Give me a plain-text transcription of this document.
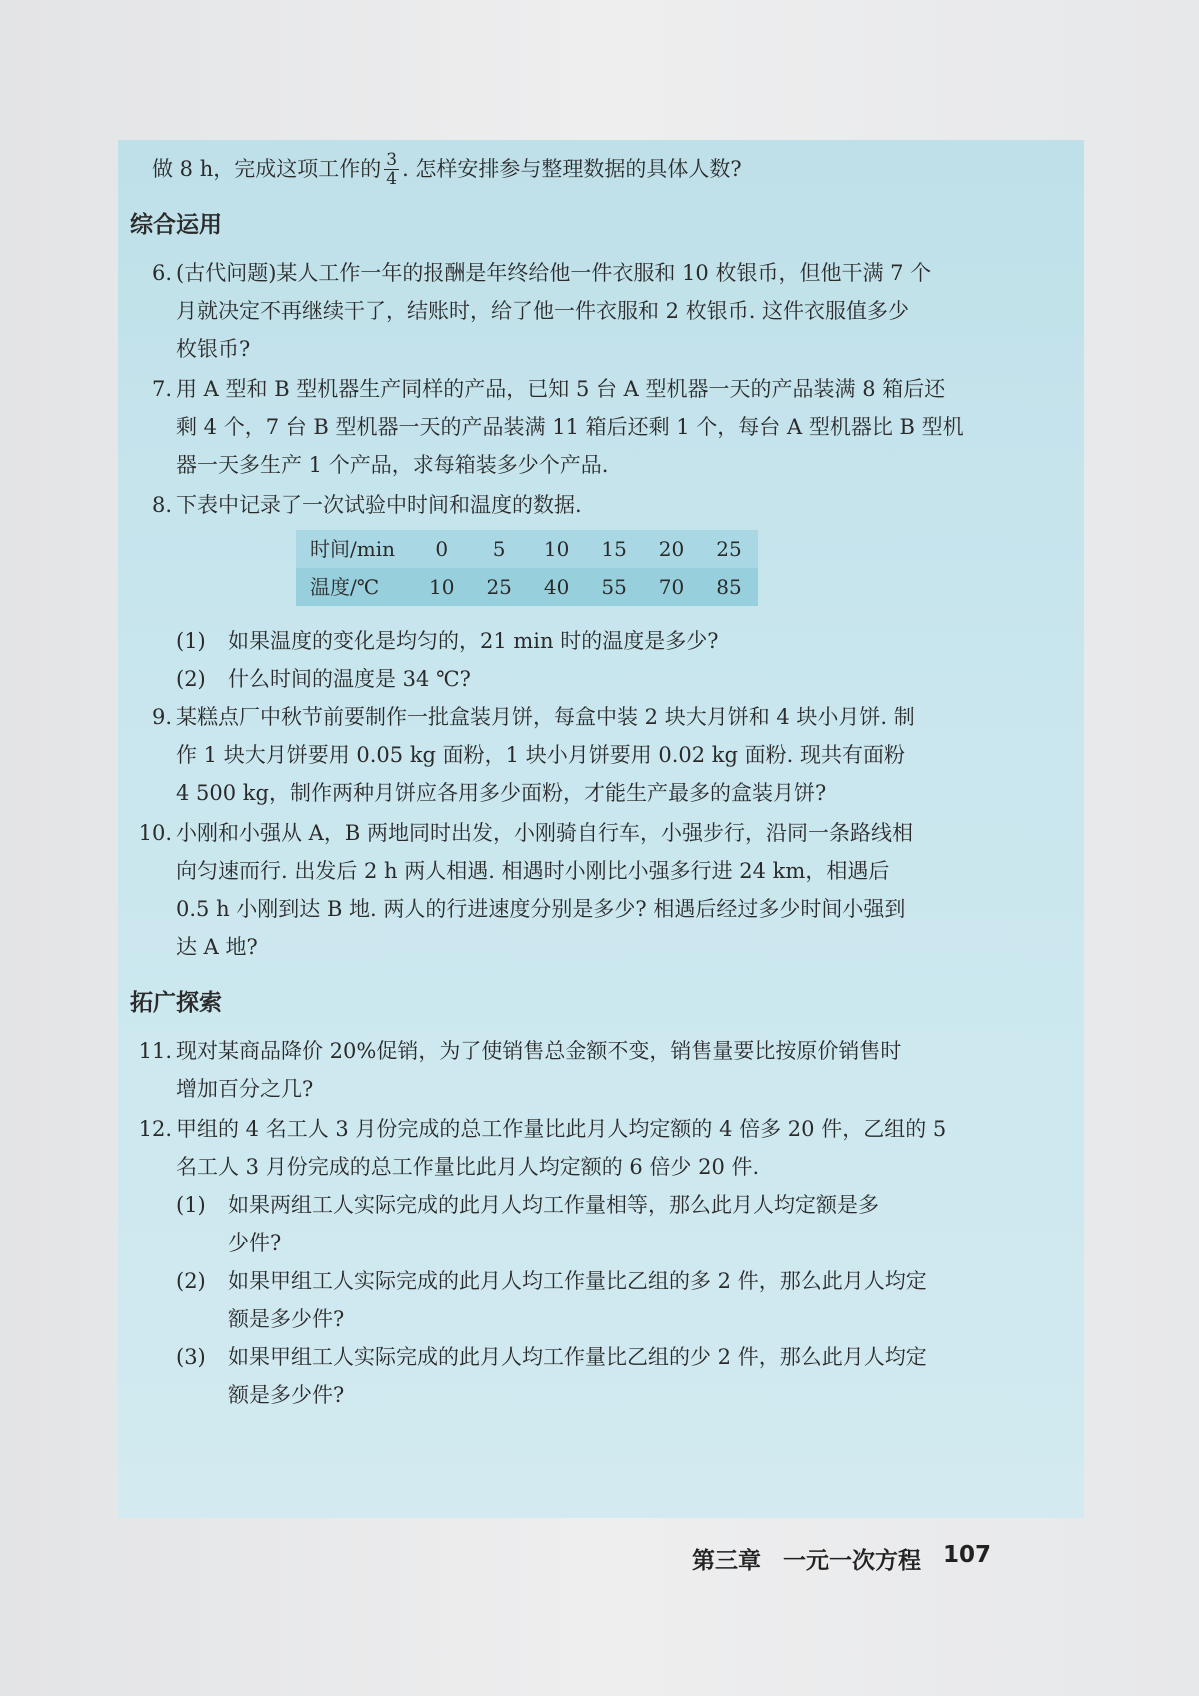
做 8 h，完成这项工作的 $\frac{3}{4}$ . 怎样安排参与整理数据的具体人数?

综合运用
6. (古代问题)某人工作一年的报酬是年终给他一件衣服和 10 枚银币，但他干满 7 个

月就决定不再继续干了，结账时，给了他一件衣服和 2 枚银币. 这件衣服值多少

枚银币?

7. 用 A 型和 B 型机器生产同样的产品，已知 5 台 A 型机器一天的产品装满 8 箱后还

剩 4 个，7 台 B 型机器一天的产品装满 11 箱后还剩 1 个，每台 A 型机器比 B 型机

器一天多生产 1 个产品，求每箱装多少个产品.

8. 下表中记录了一次试验中时间和温度的数据.

时间/min	0	5	10	15	20	25
温度/℃	10	25	40	55	70	85
(1)	如果温度的变化是均匀的，21 min 时的温度是多少?
(2)	什么时间的温度是 34 ℃?
9. 某糕点厂中秋节前要制作一批盒装月饼，每盒中装 2 块大月饼和 4 块小月饼. 制

作 1 块大月饼要用 0.05 kg 面粉，1 块小月饼要用 0.02 kg 面粉. 现共有面粉

4 500 kg，制作两种月饼应各用多少面粉，才能生产最多的盒装月饼?

10. 小刚和小强从 A，B 两地同时出发，小刚骑自行车，小强步行，沿同一条路线相

向匀速而行. 出发后 2 h 两人相遇. 相遇时小刚比小强多行进 24 km，相遇后

0.5 h 小刚到达 B 地. 两人的行进速度分别是多少? 相遇后经过多少时间小强到

达 A 地?

拓广探索
11. 现对某商品降价 20%促销，为了使销售总金额不变，销售量要比按原价销售时

增加百分之几?

12. 甲组的 4 名工人 3 月份完成的总工作量比此月人均定额的 4 倍多 20 件，乙组的 5

名工人 3 月份完成的总工作量比此月人均定额的 6 倍少 20 件.

(1)	如果两组工人实际完成的此月人均工作量相等，那么此月人均定额是多

少件?

(2)	如果甲组工人实际完成的此月人均工作量比乙组的多 2 件，那么此月人均定

额是多少件?

(3)	如果甲组工人实际完成的此月人均工作量比乙组的少 2 件，那么此月人均定

额是多少件?

第三章 一元一次方程 107
